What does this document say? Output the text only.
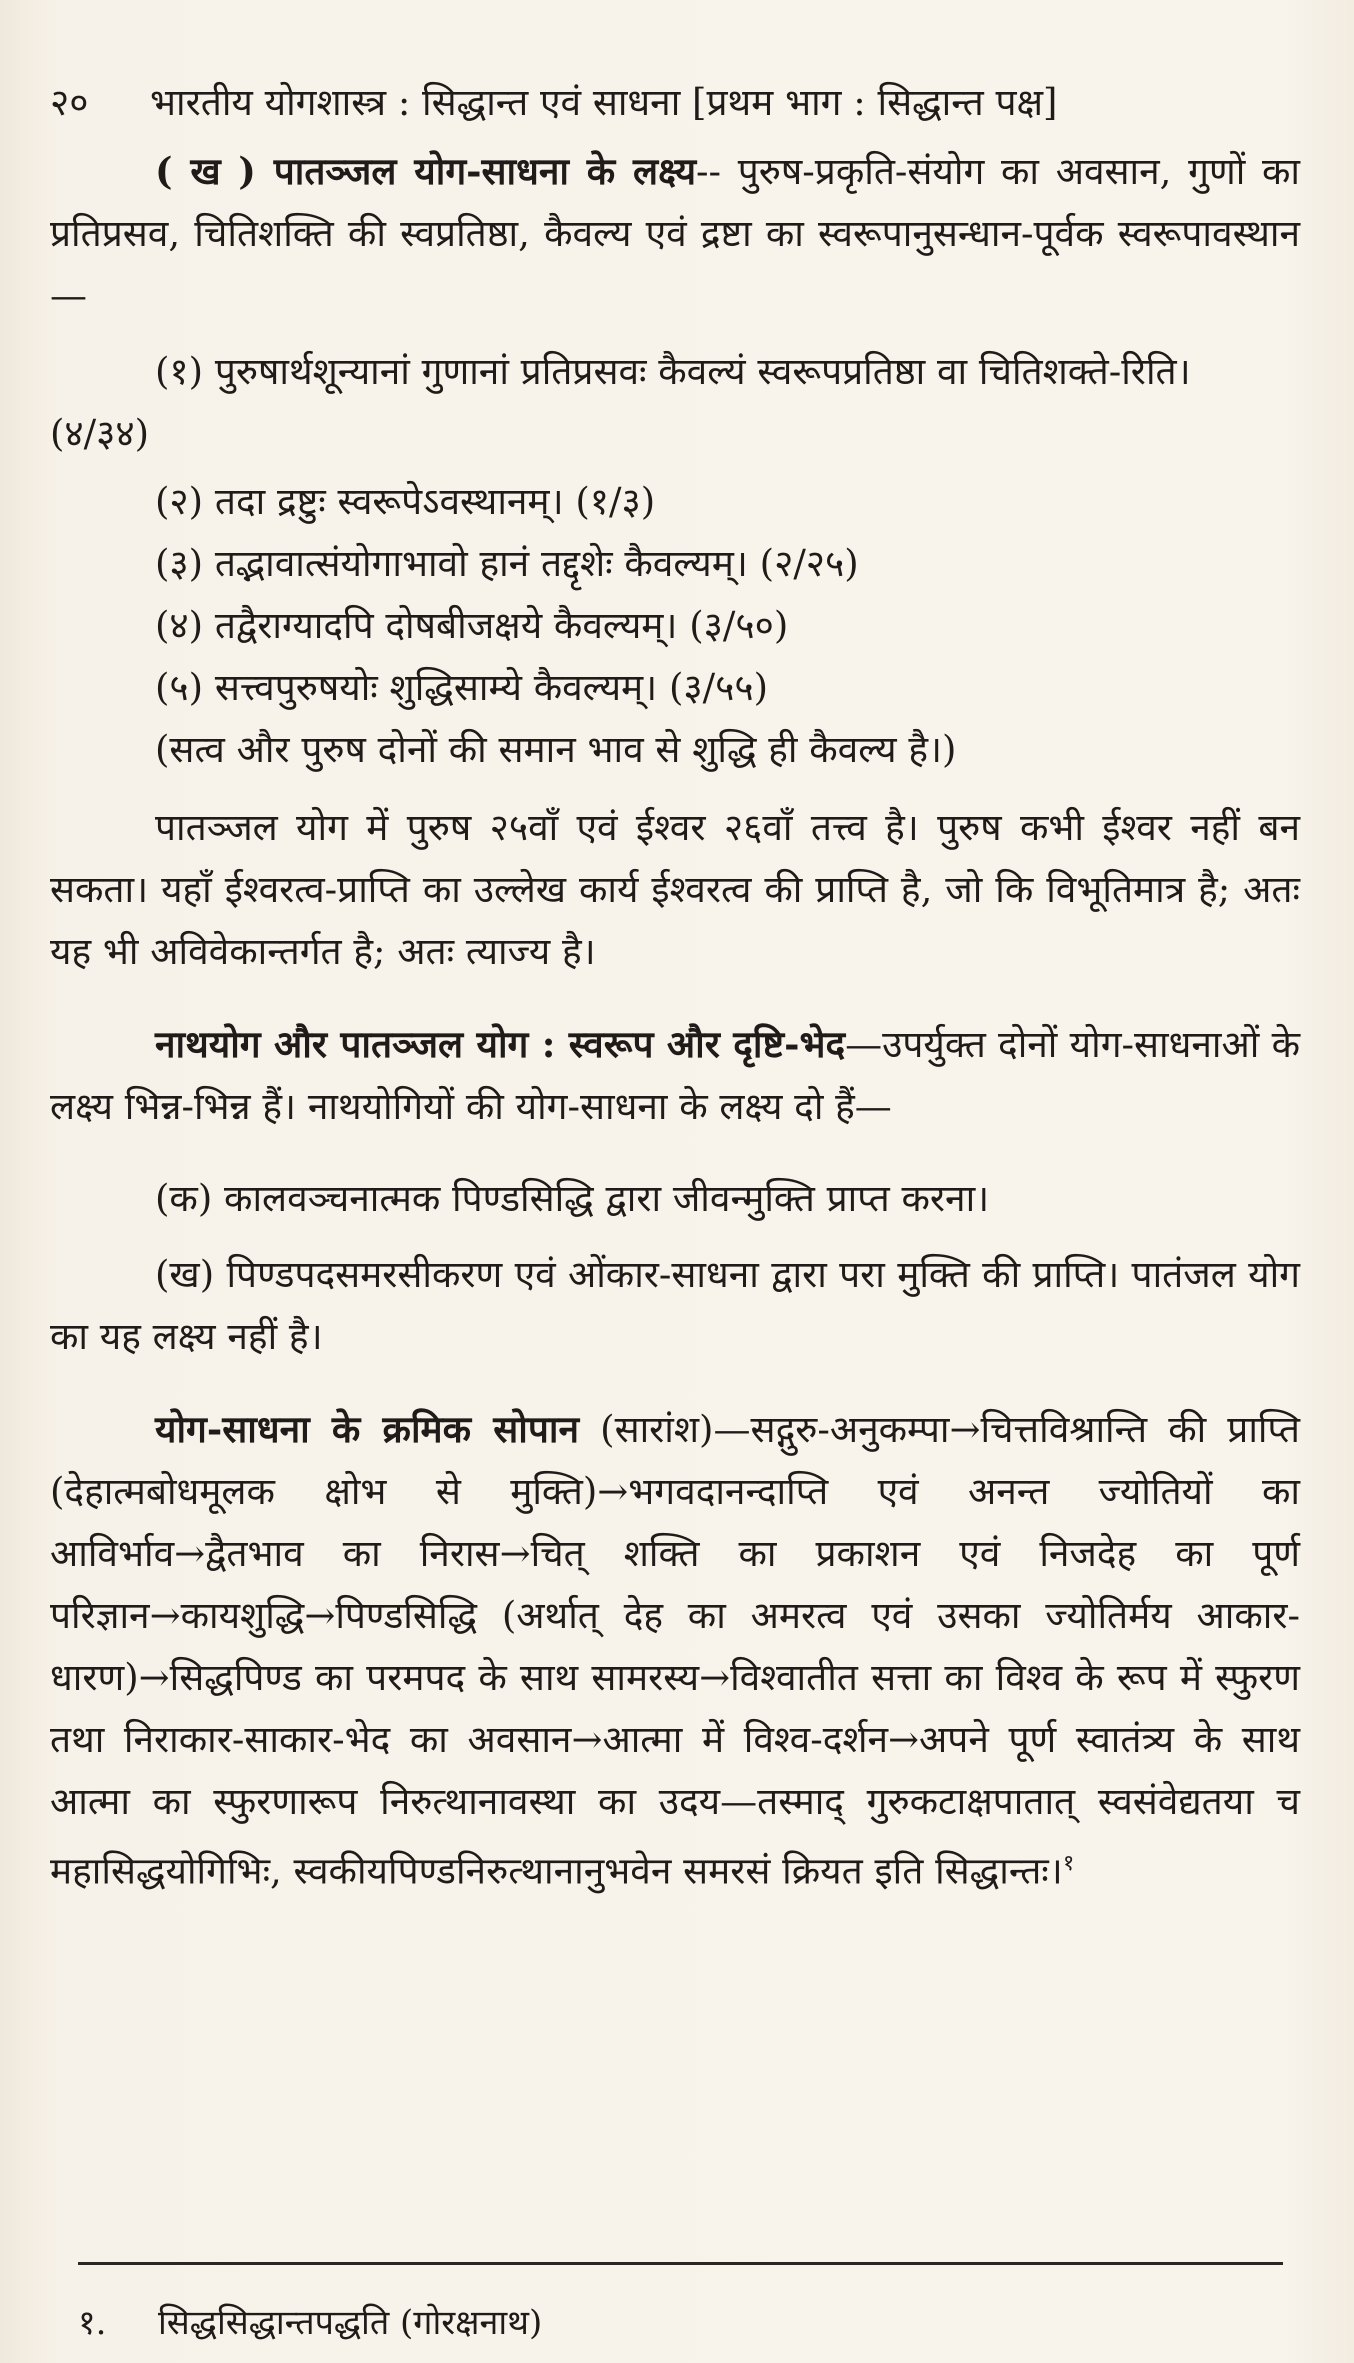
२० भारतीय योगशास्त्र : सिद्धान्त एवं साधना [प्रथम भाग : सिद्धान्त पक्ष]

( ख ) पातञ्जल योग-साधना के लक्ष्य-- पुरुष-प्रकृति-संयोग का अवसान, गुणों का प्रतिप्रसव, चितिशक्ति की स्वप्रतिष्ठा, कैवल्य एवं द्रष्टा का स्वरूपानुसन्धान-पूर्वक स्वरूपावस्थान—

(१) पुरुषार्थशून्यानां गुणानां प्रतिप्रसवः कैवल्यं स्वरूपप्रतिष्ठा वा चितिशक्ते-रिति। (४/३४)

(२) तदा द्रष्टुः स्वरूपेऽवस्थानम्। (१/३)

(३) तद्भावात्संयोगाभावो हानं तद्दृशेः कैवल्यम्। (२/२५)

(४) तद्वैराग्यादपि दोषबीजक्षये कैवल्यम्। (३/५०)

(५) सत्त्वपुरुषयोः शुद्धिसाम्ये कैवल्यम्। (३/५५)

(सत्व और पुरुष दोनों की समान भाव से शुद्धि ही कैवल्य है।)

पातञ्जल योग में पुरुष २५वाँ एवं ईश्वर २६वाँ तत्त्व है। पुरुष कभी ईश्वर नहीं बन सकता। यहाँ ईश्वरत्व-प्राप्ति का उल्लेख कार्य ईश्वरत्व की प्राप्ति है, जो कि विभूतिमात्र है; अतः यह भी अविवेकान्तर्गत है; अतः त्याज्य है।

नाथयोग और पातञ्जल योग : स्वरूप और दृष्टि-भेद—उपर्युक्त दोनों योग-साधनाओं के लक्ष्य भिन्न-भिन्न हैं। नाथयोगियों की योग-साधना के लक्ष्य दो हैं—

(क) कालवञ्चनात्मक पिण्डसिद्धि द्वारा जीवन्मुक्ति प्राप्त करना।

(ख) पिण्डपदसमरसीकरण एवं ओंकार-साधना द्वारा परा मुक्ति की प्राप्ति। पातंजल योग का यह लक्ष्य नहीं है।

योग-साधना के क्रमिक सोपान (सारांश)—सद्गुरु-अनुकम्पा→चित्तविश्रान्ति की प्राप्ति (देहात्मबोधमूलक क्षोभ से मुक्ति)→भगवदानन्दाप्ति एवं अनन्त ज्योतियों का आविर्भाव→द्वैतभाव का निरास→चित् शक्ति का प्रकाशन एवं निजदेह का पूर्ण परिज्ञान→कायशुद्धि→पिण्डसिद्धि (अर्थात् देह का अमरत्व एवं उसका ज्योतिर्मय आकार-धारण)→सिद्धपिण्ड का परमपद के साथ सामरस्य→विश्वातीत सत्ता का विश्व के रूप में स्फुरण तथा निराकार-साकार-भेद का अवसान→आत्मा में विश्व-दर्शन→अपने पूर्ण स्वातंत्र्य के साथ आत्मा का स्फुरणारूप निरुत्थानावस्था का उदय—तस्माद् गुरुकटाक्षपातात् स्वसंवेद्यतया च महासिद्धयोगिभिः, स्वकीयपिण्डनिरुत्थानानुभवेन समरसं क्रियत इति सिद्धान्तः।$^१$

१. सिद्धसिद्धान्तपद्धति (गोरक्षनाथ)
